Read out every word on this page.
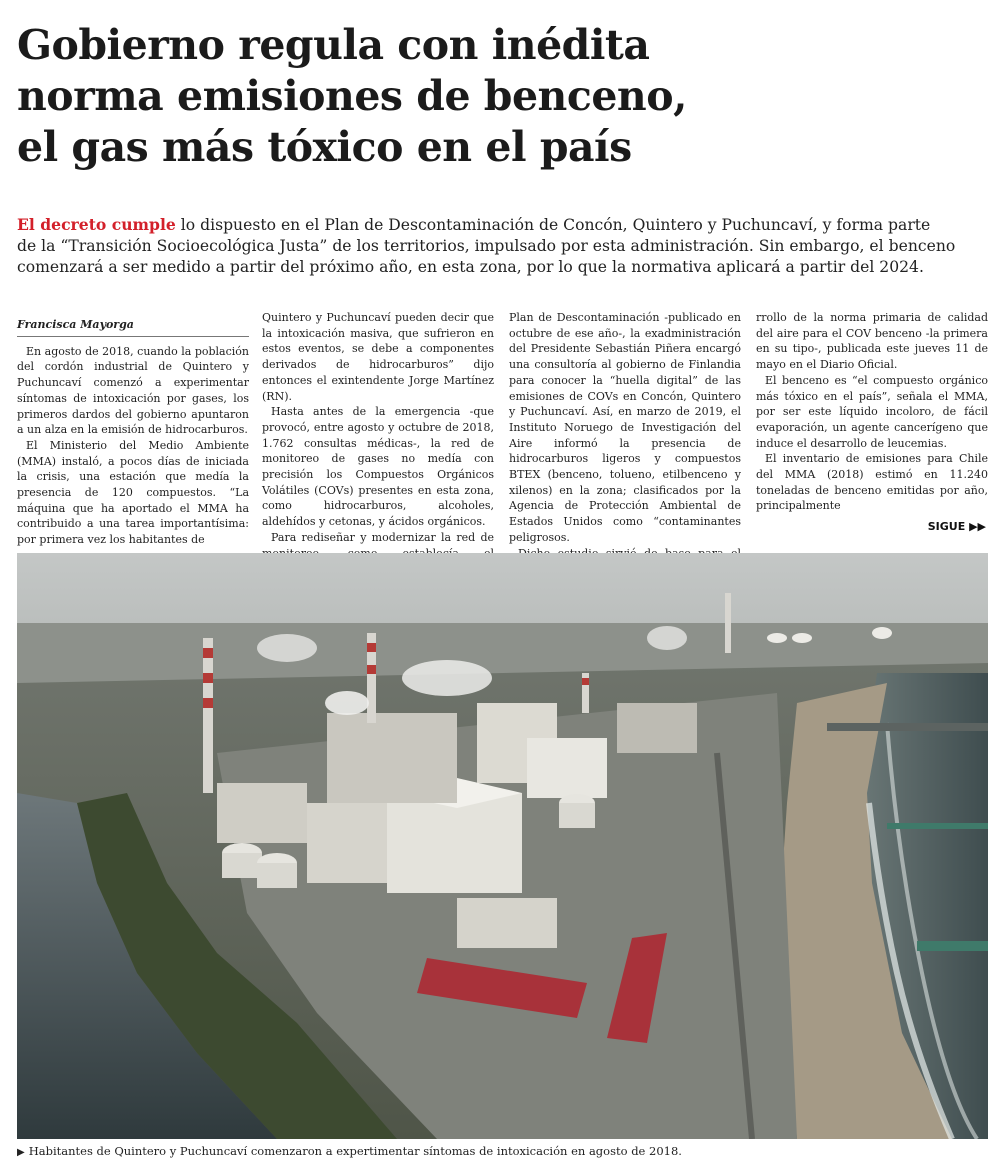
Gobierno regula con inédita
norma emisiones de benceno,
el gas más tóxico en el país
El decreto cumple lo dispuesto en el Plan de Descontaminación de Concón, Quintero y Puchuncaví, y forma parte
de la “Transición Socioecológica Justa” de los territorios, impulsado por esta administración. Sin embargo, el benceno
comenzará a ser medido a partir del próximo año, en esta zona, por lo que la normativa aplicará a partir del 2024.
Francisca Mayorga

En agosto de 2018, cuando la población del cordón industrial de Quintero y Puchuncaví comenzó a experimentar síntomas de intoxicación por gases, los primeros dardos del gobierno apuntaron a un alza en la emisión de hidrocarburos.

El Ministerio del Medio Ambiente (MMA) instaló, a pocos días de iniciada la crisis, una estación que medía la presencia de 120 compuestos. “La máquina que ha aportado el MMA ha contribuido a una tarea importantísima: por primera vez los habitantes de

Quintero y Puchuncaví pueden decir que la intoxicación masiva, que sufrieron en estos eventos, se debe a componentes derivados de hidrocarburos” dijo entonces el exintendente Jorge Martínez (RN).

Hasta antes de la emergencia -que provocó, entre agosto y octubre de 2018, 1.762 consultas médicas-, la red de monitoreo de gases no medía con precisión los Compuestos Orgánicos Volátiles (COVs) presentes en esta zona, como hidrocarburos, alcoholes, aldehídos y cetonas, y ácidos orgánicos.

Para rediseñar y modernizar la red de

Plan de Descontaminación -publicado en octubre de ese año-, la exadministración del Presidente Sebastián Piñera encargó una consultoría al gobierno de Finlandia para conocer la “huella digital” de las emisiones de COVs en Concón, Quintero y Puchuncaví. Así, en marzo de 2019, el Instituto Noruego de Investigación del Aire informó la presencia de hidrocarburos ligeros y compuestos BTEX (benceno, tolueno, etilbenceno y xilenos) en la zona; clasificados por la Agencia de Protección Ambiental de Estados Unidos como “contaminantes peligrosos.

rrollo de la norma primaria de calidad del aire para el COV benceno -la primera en su tipo-, publicada este jueves 11 de mayo en el Diario Oficial.

El benceno es “el compuesto orgánico más tóxico en el país”, señala el MMA, por ser este líquido incoloro, de fácil evaporación, un agente cancerígeno que induce el desarrollo de leucemias.

El inventario de emisiones para Chile del MMA (2018) estimó en 11.240 toneladas de benceno emitidas por año, principalmente

SIGUE ▶▶
▶ Habitantes de Quintero y Puchuncaví comenzaron a expertimentar síntomas de intoxicación en agosto de 2018.
